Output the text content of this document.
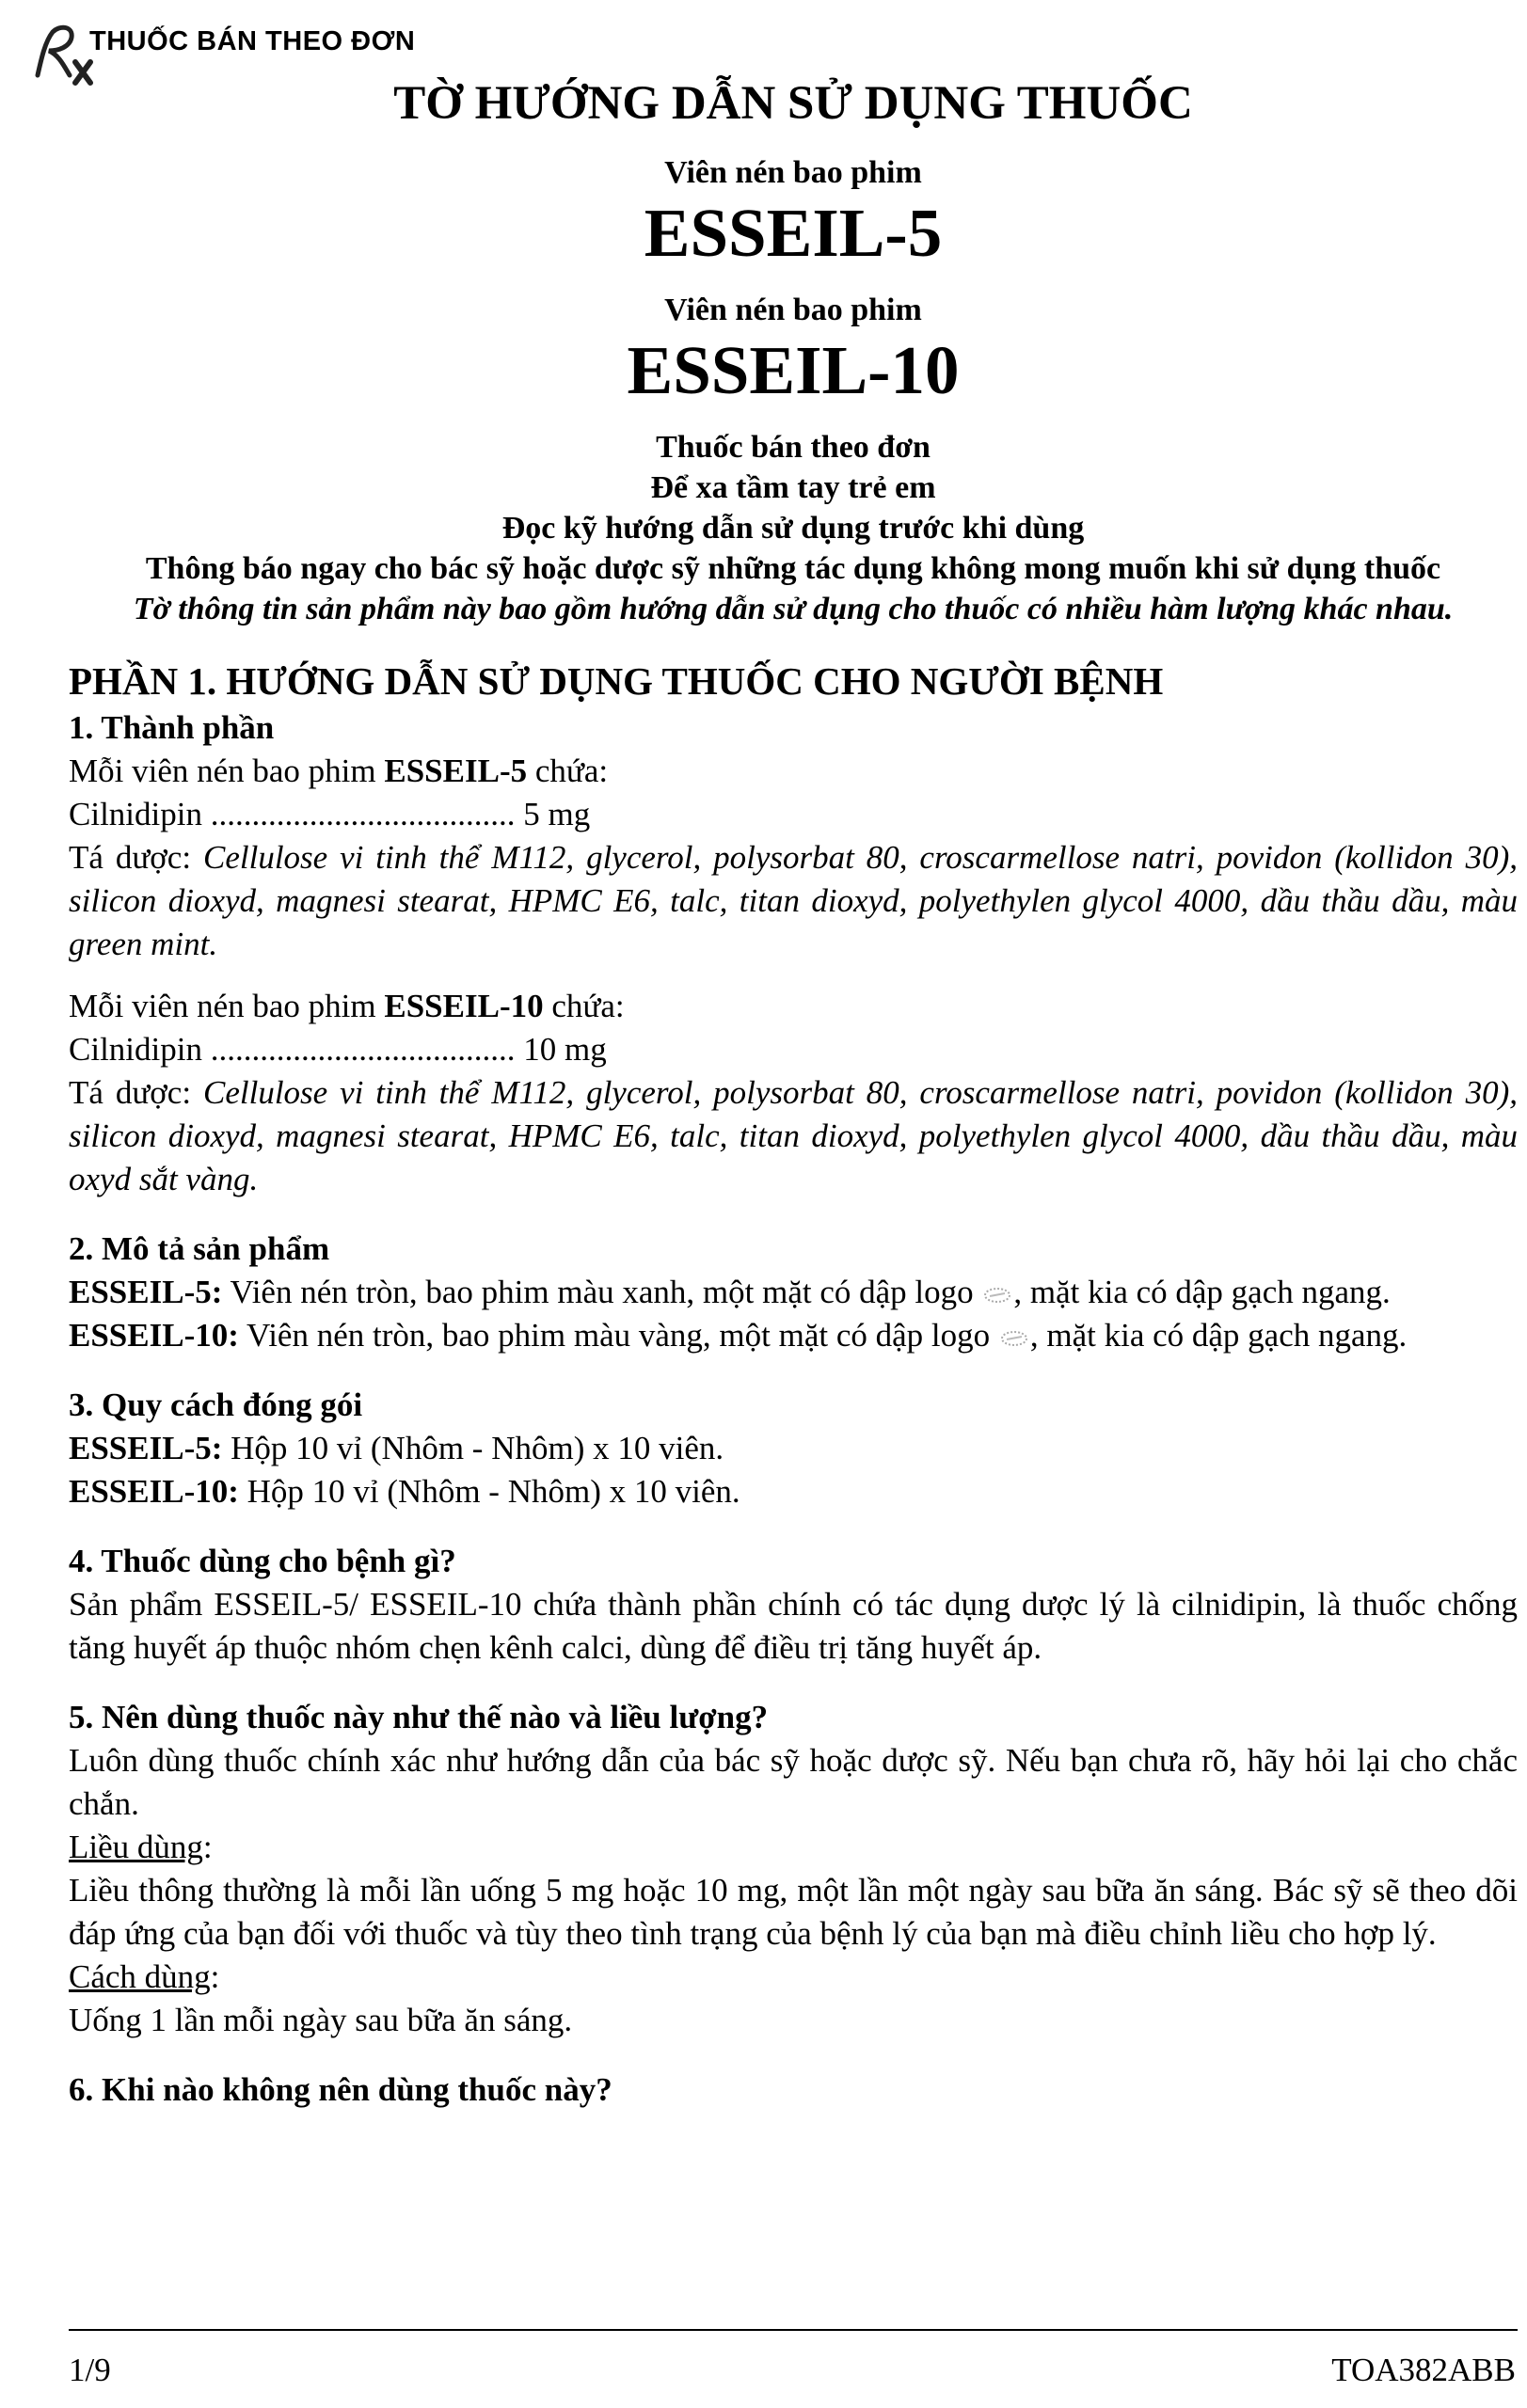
THUỐC BÁN THEO ĐƠN
TỜ HƯỚNG DẪN SỬ DỤNG THUỐC

Viên nén bao phim

ESSEIL-5

Viên nén bao phim

ESSEIL-10

Thuốc bán theo đơn

Để xa tầm tay trẻ em

Đọc kỹ hướng dẫn sử dụng trước khi dùng

Thông báo ngay cho bác sỹ hoặc dược sỹ những tác dụng không mong muốn khi sử dụng thuốc

Tờ thông tin sản phẩm này bao gồm hướng dẫn sử dụng cho thuốc có nhiều hàm lượng khác nhau.

PHẦN 1. HƯỚNG DẪN SỬ DỤNG THUỐC CHO NGƯỜI BỆNH
1. Thành phần

Mỗi viên nén bao phim ESSEIL-5 chứa:

Cilnidipin ..................................... 5 mg

Tá dược: Cellulose vi tinh thể M112, glycerol, polysorbat 80, croscarmellose natri, povidon (kollidon 30), silicon dioxyd, magnesi stearat, HPMC E6, talc, titan dioxyd, polyethylen glycol 4000, dầu thầu dầu, màu green mint.

Mỗi viên nén bao phim ESSEIL-10 chứa:

Cilnidipin ..................................... 10 mg

Tá dược: Cellulose vi tinh thể M112, glycerol, polysorbat 80, croscarmellose natri, povidon (kollidon 30), silicon dioxyd, magnesi stearat, HPMC E6, talc, titan dioxyd, polyethylen glycol 4000, dầu thầu dầu, màu oxyd sắt vàng.

2. Mô tả sản phẩm

ESSEIL-5: Viên nén tròn, bao phim màu xanh, một mặt có dập logo , mặt kia có dập gạch ngang.

ESSEIL-10: Viên nén tròn, bao phim màu vàng, một mặt có dập logo , mặt kia có dập gạch ngang.

3. Quy cách đóng gói

ESSEIL-5: Hộp 10 vỉ (Nhôm - Nhôm) x 10 viên.

ESSEIL-10: Hộp 10 vỉ (Nhôm - Nhôm) x 10 viên.

4. Thuốc dùng cho bệnh gì?

Sản phẩm ESSEIL-5/ ESSEIL-10 chứa thành phần chính có tác dụng dược lý là cilnidipin, là thuốc chống tăng huyết áp thuộc nhóm chẹn kênh calci, dùng để điều trị tăng huyết áp.

5. Nên dùng thuốc này như thế nào và liều lượng?

Luôn dùng thuốc chính xác như hướng dẫn của bác sỹ hoặc dược sỹ. Nếu bạn chưa rõ, hãy hỏi lại cho chắc chắn.

Liều dùng:

Liều thông thường là mỗi lần uống 5 mg hoặc 10 mg, một lần một ngày sau bữa ăn sáng. Bác sỹ sẽ theo dõi đáp ứng của bạn đối với thuốc và tùy theo tình trạng của bệnh lý của bạn mà điều chỉnh liều cho hợp lý.

Cách dùng:

Uống 1 lần mỗi ngày sau bữa ăn sáng.

6. Khi nào không nên dùng thuốc này?
1/9	TOA382ABB
